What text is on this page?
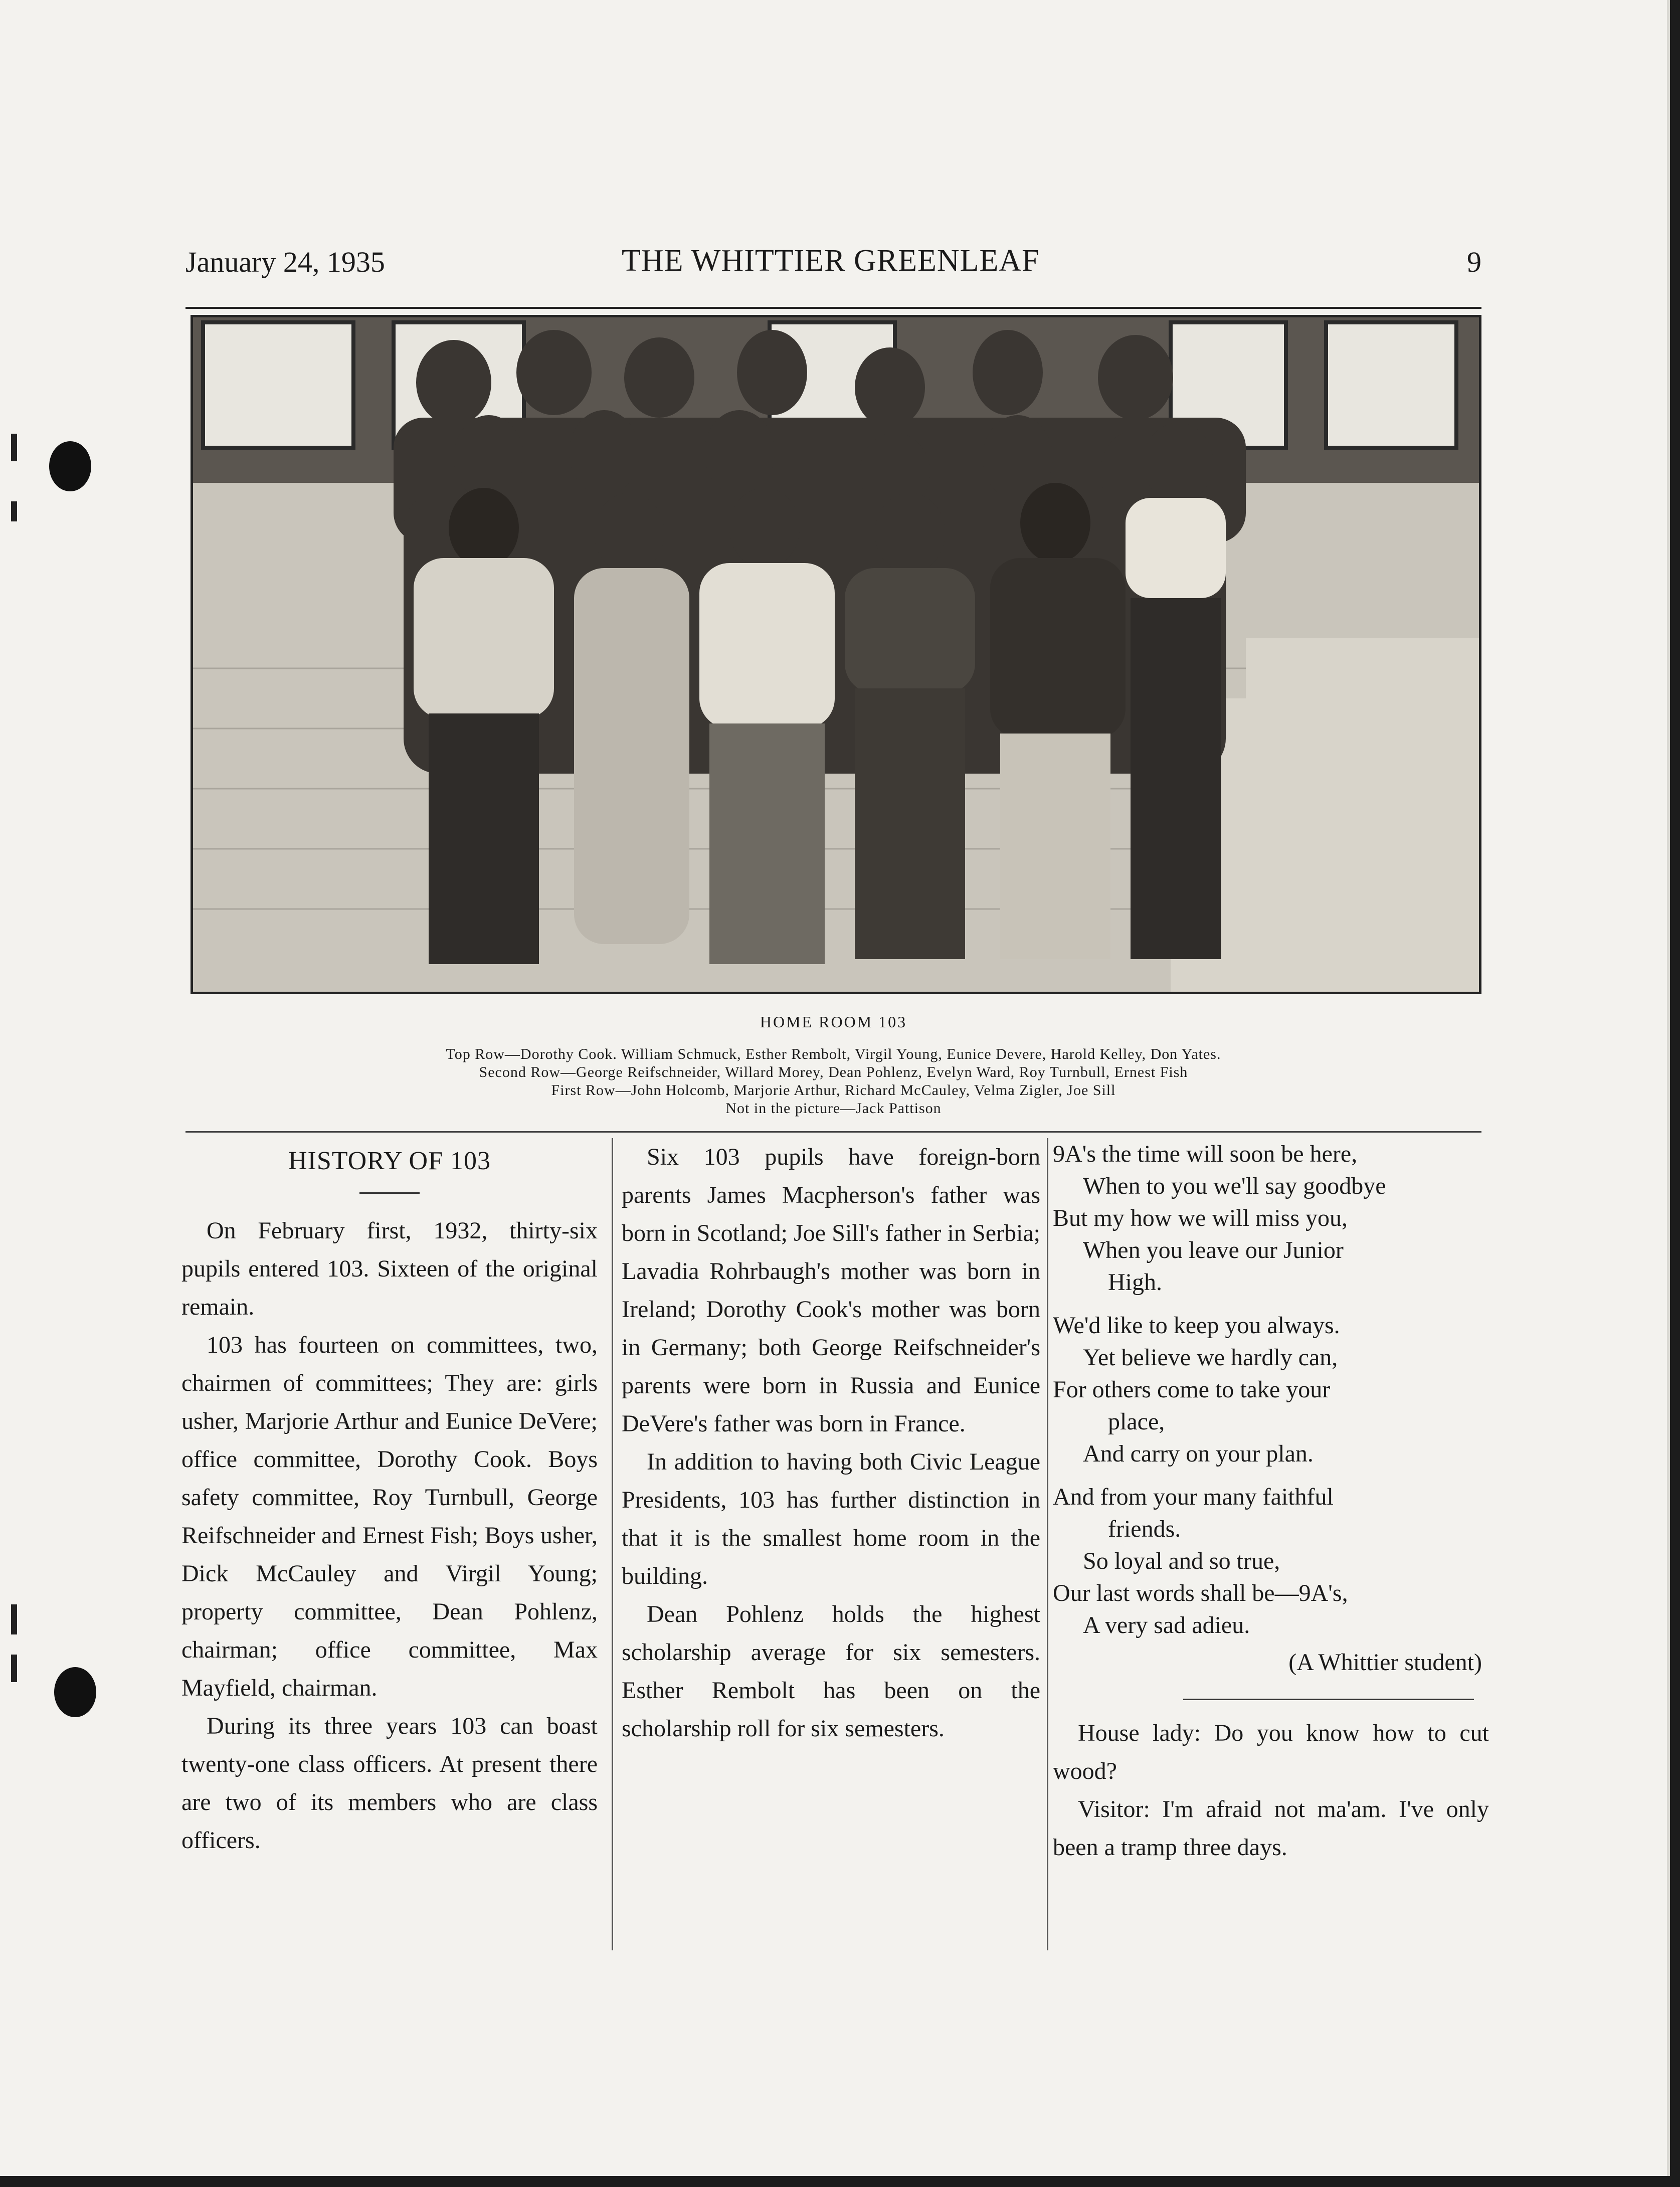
January 24, 1935	THE WHITTIER GREENLEAF	9
HOME ROOM 103
Top Row—Dorothy Cook. William Schmuck, Esther Rembolt, Virgil Young, Eunice Devere, Harold Kelley, Don Yates.
Second Row—George Reifschneider, Willard Morey, Dean Pohlenz, Evelyn Ward, Roy Turnbull, Ernest Fish
First Row—John Holcomb, Marjorie Arthur, Richard McCauley, Velma Zigler, Joe Sill
Not in the picture—Jack Pattison
HISTORY OF 103

On February first, 1932, thirty-six pupils entered 103. Sixteen of the original remain.

103 has fourteen on committees, two, chairmen of committees; They are: girls usher, Marjorie Arthur and Eunice DeVere; office committee, Dorothy Cook. Boys safety committee, Roy Turnbull, George Reifschneider and Ernest Fish; Boys usher, Dick McCauley and Virgil Young; property committee, Dean Pohlenz, chairman; office committee, Max Mayfield, chairman.

During its three years 103 can boast twenty-one class officers. At present there are two of its members who are class officers.

Six 103 pupils have foreign-born parents James Macpherson's father was born in Scotland; Joe Sill's father in Serbia; Lavadia Rohrbaugh's mother was born in Ireland; Dorothy Cook's mother was born in Germany; both George Reifschneider's parents were born in Russia and Eunice DeVere's father was born in France.

In addition to having both Civic League Presidents, 103 has further distinction in that it is the smallest home room in the building.

Dean Pohlenz holds the highest scholarship average for six semesters. Esther Rembolt has been on the scholarship roll for six semesters.

9A's the time will soon be here,
When to you we'll say goodbye
But my how we will miss you,
When you leave our Junior
High.
We'd like to keep you always.
Yet believe we hardly can,
For others come to take your
place,
And carry on your plan.
And from your many faithful
friends.
So loyal and so true,
Our last words shall be—9A's,
A very sad adieu.
(A Whittier student)

House lady: Do you know how to cut wood?

Visitor: I'm afraid not ma'am. I've only been a tramp three days.
